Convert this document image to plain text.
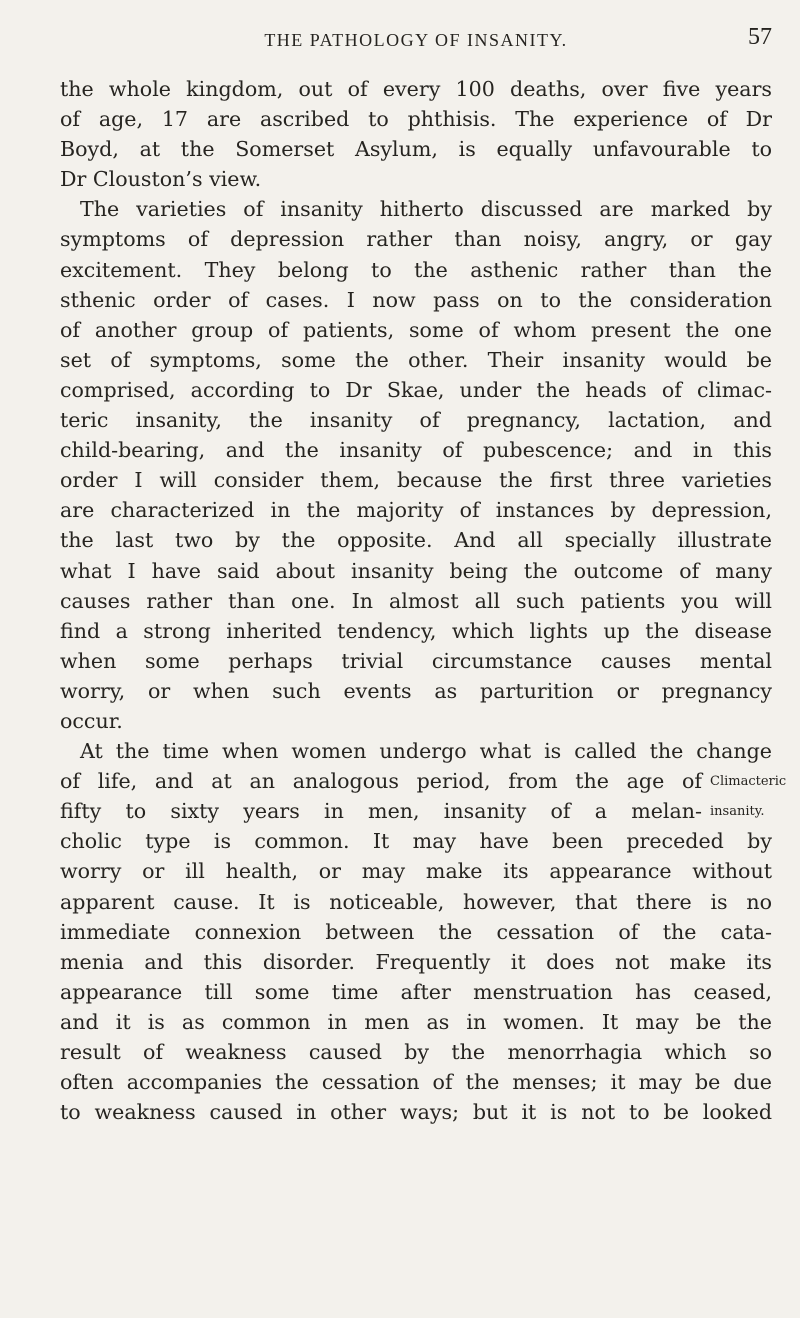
THE PATHOLOGY OF INSANITY.	57
the whole kingdom, out of every 100 deaths, over five years
of age, 17 are ascribed to phthisis. The experience of Dr
Boyd, at the Somerset Asylum, is equally unfavourable to
Dr Clouston’s view.
The varieties of insanity hitherto discussed are marked by
symptoms of depression rather than noisy, angry, or gay
excitement. They belong to the asthenic rather than the
sthenic order of cases. I now pass on to the consideration
of another group of patients, some of whom present the one
set of symptoms, some the other. Their insanity would be
comprised, according to Dr Skae, under the heads of climac-
teric insanity, the insanity of pregnancy, lactation, and
child-bearing, and the insanity of pubescence; and in this
order I will consider them, because the first three varieties
are characterized in the majority of instances by depression,
the last two by the opposite. And all specially illustrate
what I have said about insanity being the outcome of many
causes rather than one. In almost all such patients you will
find a strong inherited tendency, which lights up the disease
when some perhaps trivial circumstance causes mental
worry, or when such events as parturition or pregnancy
occur.
At the time when women undergo what is called the change
of life, and at an analogous period, from the age of
fifty to sixty years in men, insanity of a melan-
cholic type is common. It may have been preceded by
worry or ill health, or may make its appearance without
apparent cause. It is noticeable, however, that there is no
immediate connexion between the cessation of the cata-
menia and this disorder. Frequently it does not make its
appearance till some time after menstruation has ceased,
and it is as common in men as in women. It may be the
result of weakness caused by the menorrhagia which so
often accompanies the cessation of the menses; it may be due
to weakness caused in other ways; but it is not to be looked
Climacteric
insanity.
